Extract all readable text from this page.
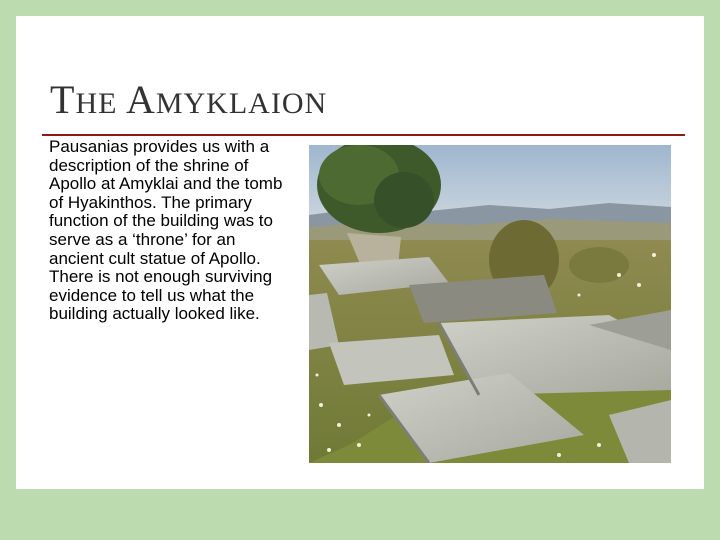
THE AMYKLAION

Pausanias provides us with a description of the shrine of Apollo at Amyklai and the tomb of Hyakinthos. The primary function of the building was to serve as a ‘throne’ for an ancient cult statue of Apollo. There is not enough surviving evidence to tell us what the building actually looked like.
